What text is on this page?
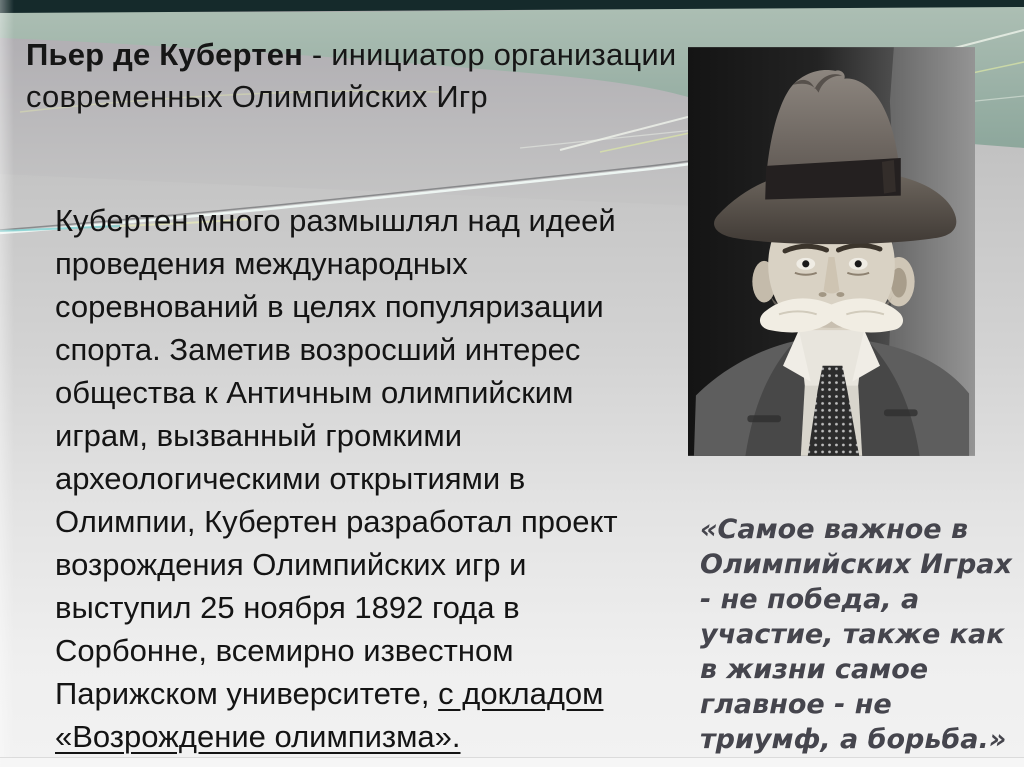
Пьер де Кубертен - инициатор организации
современных Олимпийских Игр
Кубертен много размышлял над идеей
проведения международных
соревнований в целях популяризации
спорта. Заметив возросший интерес
общества к Античным олимпийским
играм, вызванный громкими
археологическими открытиями в
Олимпии, Кубертен разработал проект
возрождения Олимпийских игр и
выступил 25 ноября 1892 года в
Сорбонне, всемирно известном
Парижском университете, с докладом
«Возрождение олимпизма».
«Самое важное в
Олимпийских Играх
- не победа, а
участие, также как
в жизни самое
главное - не
триумф, а борьба.»
